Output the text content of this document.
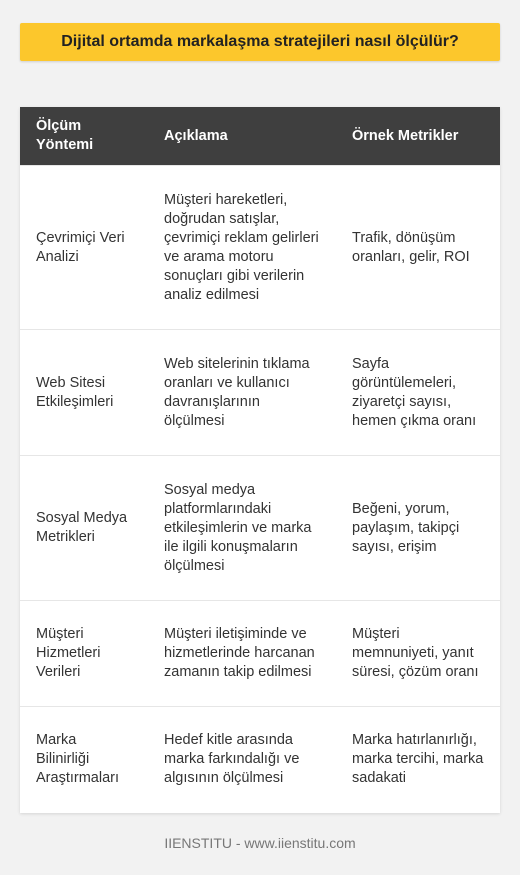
Dijital ortamda markalaşma stratejileri nasıl ölçülür?
Ölçüm Yöntemi	Açıklama	Örnek Metrikler
Çevrimiçi Veri Analizi	Müşteri hareketleri, doğrudan satışlar, çevrimiçi reklam gelirleri ve arama motoru sonuçları gibi verilerin analiz edilmesi	Trafik, dönüşüm oranları, gelir, ROI
Web Sitesi Etkileşimleri	Web sitelerinin tıklama oranları ve kullanıcı davranışlarının ölçülmesi	Sayfa görüntülemeleri, ziyaretçi sayısı, hemen çıkma oranı
Sosyal Medya Metrikleri	Sosyal medya platformlarındaki etkileşimlerin ve marka ile ilgili konuşmaların ölçülmesi	Beğeni, yorum, paylaşım, takipçi sayısı, erişim
Müşteri Hizmetleri Verileri	Müşteri iletişiminde ve hizmetlerinde harcanan zamanın takip edilmesi	Müşteri memnuniyeti, yanıt süresi, çözüm oranı
Marka Bilinirliği Araştırmaları	Hedef kitle arasında marka farkındalığı ve algısının ölçülmesi	Marka hatırlanırlığı, marka tercihi, marka sadakati
IIENSTITU - www.iienstitu.com
